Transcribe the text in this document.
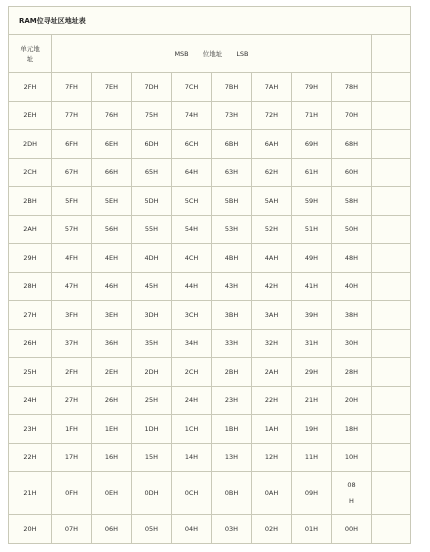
RAM位寻址区地址表									
单元地
址	MSB 位地址 LSB								
2FH	7FH	7EH	7DH	7CH	7BH	7AH	79H	78H	
2EH	77H	76H	75H	74H	73H	72H	71H	70H	
2DH	6FH	6EH	6DH	6CH	6BH	6AH	69H	68H	
2CH	67H	66H	65H	64H	63H	62H	61H	60H	
2BH	5FH	5EH	5DH	5CH	5BH	5AH	59H	58H	
2AH	57H	56H	55H	54H	53H	52H	51H	50H	
29H	4FH	4EH	4DH	4CH	4BH	4AH	49H	48H	
28H	47H	46H	45H	44H	43H	42H	41H	40H	
27H	3FH	3EH	3DH	3CH	3BH	3AH	39H	38H	
26H	37H	36H	35H	34H	33H	32H	31H	30H	
25H	2FH	2EH	2DH	2CH	2BH	2AH	29H	28H	
24H	27H	26H	25H	24H	23H	22H	21H	20H	
23H	1FH	1EH	1DH	1CH	1BH	1AH	19H	18H	
22H	17H	16H	15H	14H	13H	12H	11H	10H	
21H	0FH	0EH	0DH	0CH	0BH	0AH	09H	08
H	
20H	07H	06H	05H	04H	03H	02H	01H	00H	
